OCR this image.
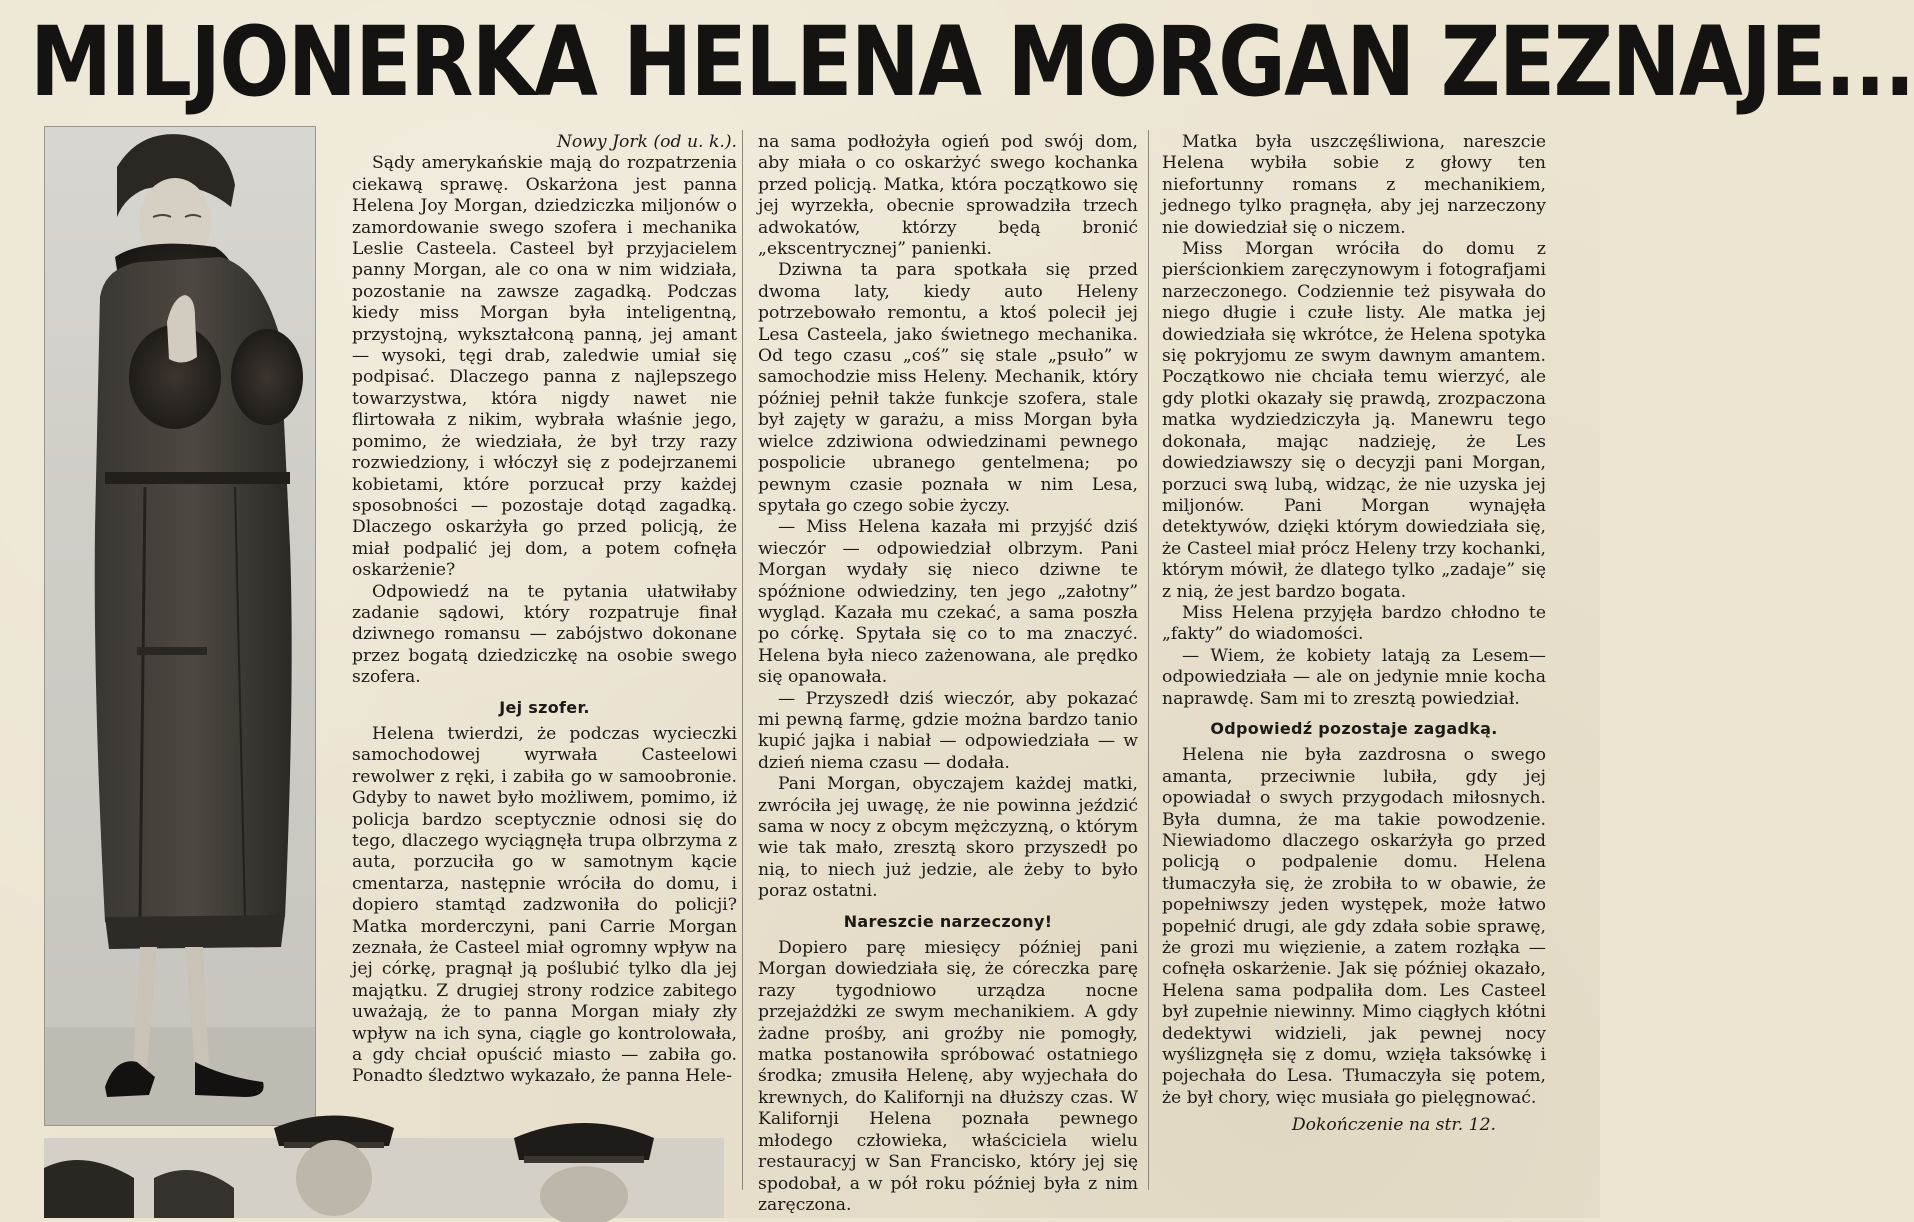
MILJONERKA HELENA MORGAN ZEZNAJE...

Nowy Jork (od u. k.).

Sądy amerykańskie mają do rozpatrzenia ciekawą sprawę. Oskarżona jest panna Helena Joy Morgan, dziedziczka miljonów o zamordowanie swego szofera i mechanika Leslie Casteela. Casteel był przyjacielem panny Morgan, ale co ona w nim widziała, pozostanie na zawsze zagadką. Podczas kiedy miss Morgan była inteligentną, przystojną, wykształconą panną, jej amant — wysoki, tęgi drab, zaledwie umiał się podpisać. Dlaczego panna z najlepszego towarzystwa, która nigdy nawet nie flirtowała z nikim, wybrała właśnie jego, pomimo, że wiedziała, że był trzy razy rozwiedziony, i włóczył się z podejrzanemi kobietami, które porzucał przy każdej sposobności — pozostaje dotąd zagadką. Dlaczego oskarżyła go przed policją, że miał podpalić jej dom, a potem cofnęła oskarżenie?

Odpowiedź na te pytania ułatwiłaby zadanie sądowi, który rozpatruje finał dziwnego romansu — zabójstwo dokonane przez bogatą dziedziczkę na osobie swego szofera.

Jej szofer.

Helena twierdzi, że podczas wycieczki samochodowej wyrwała Casteelowi rewolwer z ręki, i zabiła go w samoobronie. Gdyby to nawet było możliwem, pomimo, iż policja bardzo sceptycznie odnosi się do tego, dlaczego wyciągnęła trupa olbrzyma z auta, porzuciła go w samotnym kącie cmentarza, następnie wróciła do domu, i dopiero stamtąd zadzwoniła do policji? Matka morderczyni, pani Carrie Morgan zeznała, że Casteel miał ogromny wpływ na jej córkę, pragnął ją poślubić tylko dla jej majątku. Z drugiej strony rodzice zabitego uważają, że to panna Morgan miały zły wpływ na ich syna, ciągle go kontrolowała, a gdy chciał opuścić miasto — zabiła go. Ponadto śledztwo wykazało, że panna Hele-

na sama podłożyła ogień pod swój dom, aby miała o co oskarżyć swego kochanka przed policją. Matka, która początkowo się jej wyrzekła, obecnie sprowadziła trzech adwokatów, którzy będą bronić „ekscentrycznej” panienki.

Dziwna ta para spotkała się przed dwoma laty, kiedy auto Heleny potrzebowało remontu, a ktoś polecił jej Lesa Casteela, jako świetnego mechanika. Od tego czasu „coś” się stale „psuło” w samochodzie miss Heleny. Mechanik, który później pełnił także funkcje szofera, stale był zajęty w garażu, a miss Morgan była wielce zdziwiona odwiedzinami pewnego pospolicie ubranego gentelmena; po pewnym czasie poznała w nim Lesa, spytała go czego sobie życzy.

— Miss Helena kazała mi przyjść dziś wieczór — odpowiedział olbrzym. Pani Morgan wydały się nieco dziwne te spóźnione odwiedziny, ten jego „załotny” wygląd. Kazała mu czekać, a sama poszła po córkę. Spytała się co to ma znaczyć. Helena była nieco zażenowana, ale prędko się opanowała.

— Przyszedł dziś wieczór, aby pokazać mi pewną farmę, gdzie można bardzo tanio kupić jajka i nabiał — odpowiedziała — w dzień niema czasu — dodała.

Pani Morgan, obyczajem każdej matki, zwróciła jej uwagę, że nie powinna jeździć sama w nocy z obcym mężczyzną, o którym wie tak mało, zresztą skoro przyszedł po nią, to niech już jedzie, ale żeby to było poraz ostatni.

Nareszcie narzeczony!

Dopiero parę miesięcy później pani Morgan dowiedziała się, że córeczka parę razy tygodniowo urządza nocne przejażdżki ze swym mechanikiem. A gdy żadne prośby, ani groźby nie pomogły, matka postanowiła spróbować ostatniego środka; zmusiła Helenę, aby wyjechała do krewnych, do Kalifornji na dłuższy czas. W Kalifornji Helena poznała pewnego młodego człowieka, właściciela wielu restauracyj w San Francisko, który jej się spodobał, a w pół roku później była z nim zaręczona.

Matka była uszczęśliwiona, nareszcie Helena wybiła sobie z głowy ten niefortunny romans z mechanikiem, jednego tylko pragnęła, aby jej narzeczony nie dowiedział się o niczem.

Miss Morgan wróciła do domu z pierścionkiem zaręczynowym i fotografjami narzeczonego. Codziennie też pisywała do niego długie i czułe listy. Ale matka jej dowiedziała się wkrótce, że Helena spotyka się pokryjomu ze swym dawnym amantem. Początkowo nie chciała temu wierzyć, ale gdy plotki okazały się prawdą, zrozpaczona matka wydziedziczyła ją. Manewru tego dokonała, mając nadzieję, że Les dowiedziawszy się o decyzji pani Morgan, porzuci swą lubą, widząc, że nie uzyska jej miljonów. Pani Morgan wynajęła detektywów, dzięki którym dowiedziała się, że Casteel miał prócz Heleny trzy kochanki, którym mówił, że dlatego tylko „zadaje” się z nią, że jest bardzo bogata.

Miss Helena przyjęła bardzo chłodno te „fakty” do wiadomości.

— Wiem, że kobiety latają za Lesem— odpowiedziała — ale on jedynie mnie kocha naprawdę. Sam mi to zresztą powiedział.

Odpowiedź pozostaje zagadką.

Helena nie była zazdrosna o swego amanta, przeciwnie lubiła, gdy jej opowiadał o swych przygodach miłosnych. Była dumna, że ma takie powodzenie. Niewiadomo dlaczego oskarżyła go przed policją o podpalenie domu. Helena tłumaczyła się, że zrobiła to w obawie, że popełniwszy jeden występek, może łatwo popełnić drugi, ale gdy zdała sobie sprawę, że grozi mu więzienie, a zatem rozłąka — cofnęła oskarżenie. Jak się później okazało, Helena sama podpaliła dom. Les Casteel był zupełnie niewinny. Mimo ciągłych kłótni dedektywi widzieli, jak pewnej nocy wyślizgnęła się z domu, wzięła taksówkę i pojechała do Lesa. Tłumaczyła się potem, że był chory, więc musiała go pielęgnować.

Dokończenie na str. 12.
